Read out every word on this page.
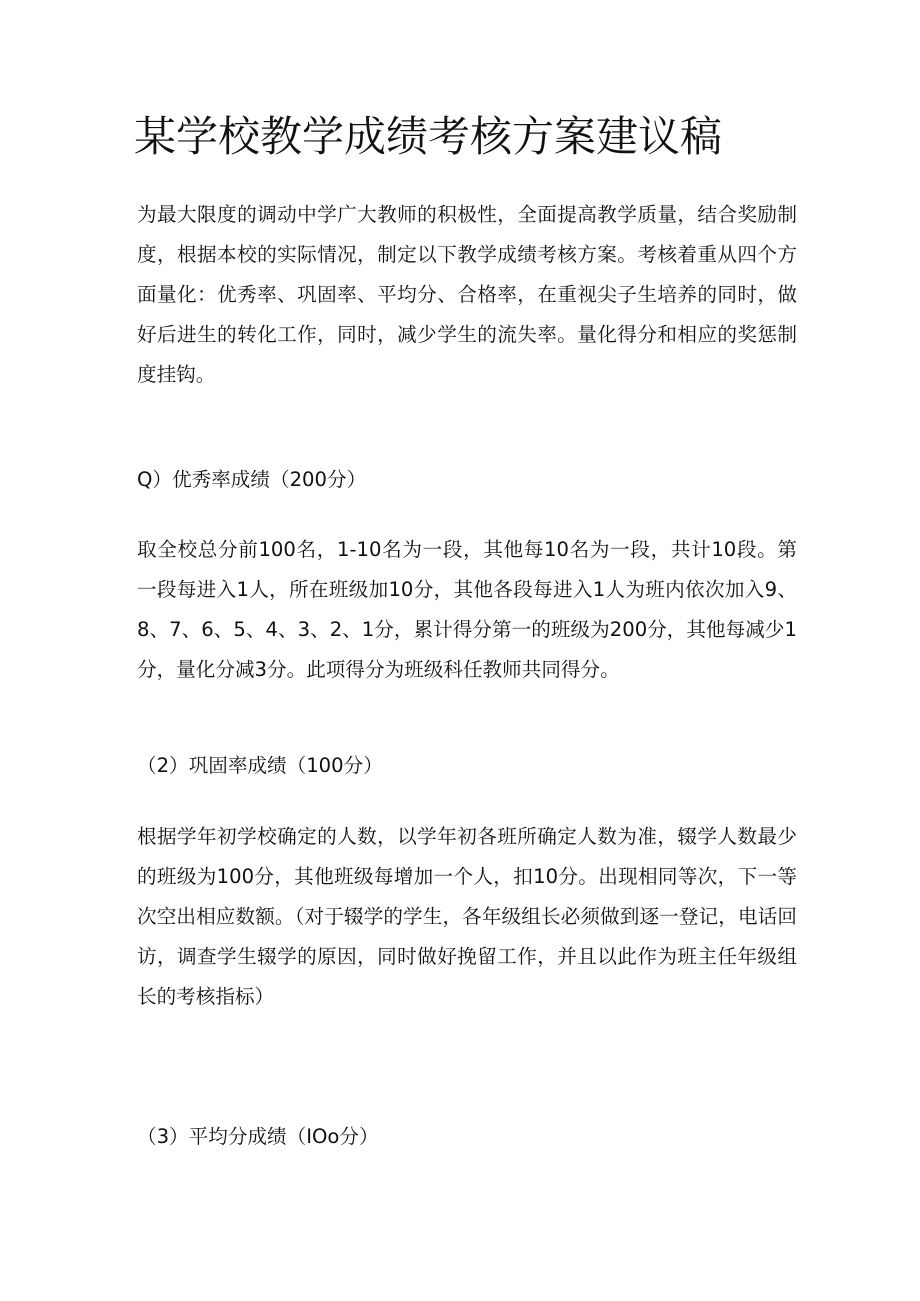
某学校教学成绩考核方案建议稿

为最大限度的调动中学广大教师的积极性，全面提高教学质量，结合奖励制度，根据本校的实际情况，制定以下教学成绩考核方案。考核着重从四个方面量化：优秀率、巩固率、平均分、合格率，在重视尖子生培养的同时，做好后进生的转化工作，同时，减少学生的流失率。量化得分和相应的奖惩制度挂钩。

Q）优秀率成绩（200分）

取全校总分前100名，1-10名为一段，其他每10名为一段，共计10段。第一段每进入1人，所在班级加10分，其他各段每进入1人为班内依次加入9、8、7、6、5、4、3、2、1分，累计得分第一的班级为200分，其他每减少1分，量化分减3分。此项得分为班级科任教师共同得分。

（2）巩固率成绩（100分）

根据学年初学校确定的人数，以学年初各班所确定人数为准，辍学人数最少的班级为100分，其他班级每增加一个人，扣10分。出现相同等次，下一等次空出相应数额。（对于辍学的学生，各年级组长必须做到逐一登记，电话回访，调查学生辍学的原因，同时做好挽留工作，并且以此作为班主任年级组长的考核指标）

（3）平均分成绩（IOo分）
